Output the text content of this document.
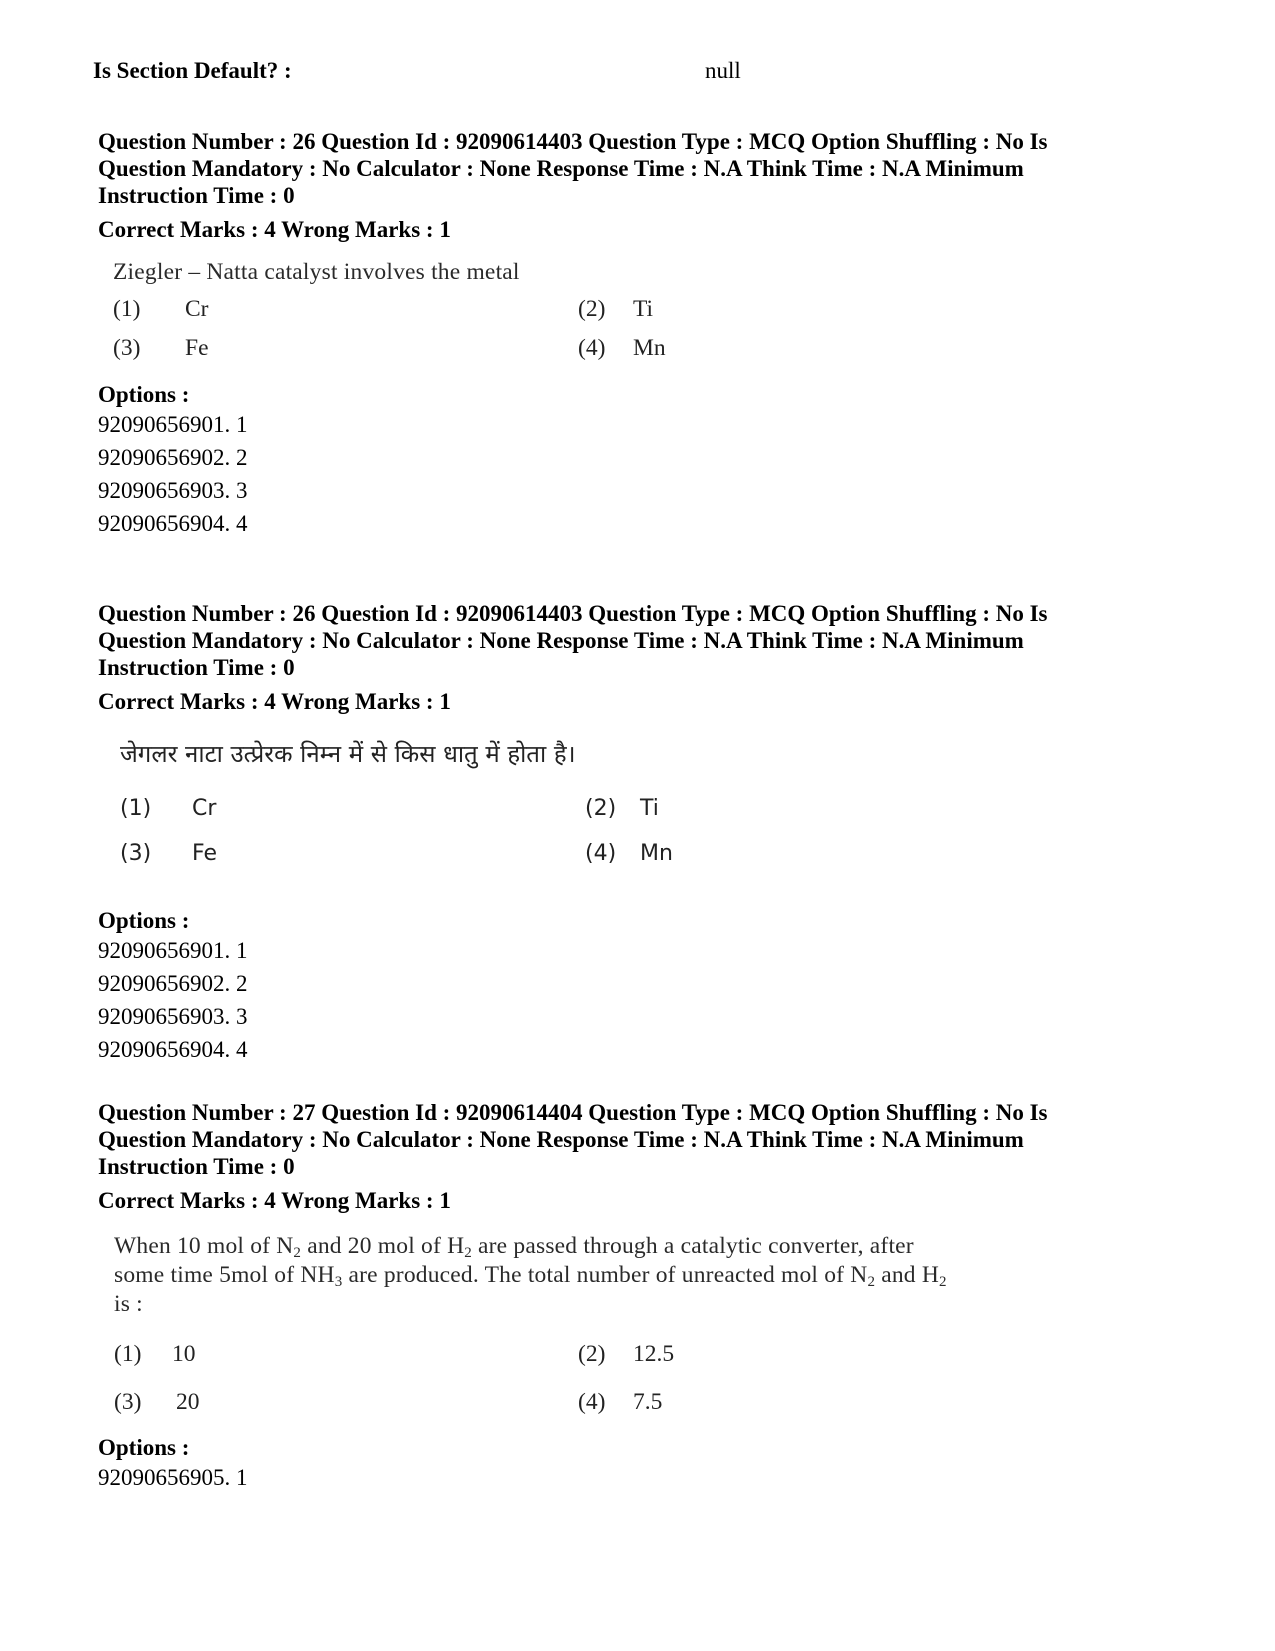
Is Section Default? :	null

Question Number : 26 Question Id : 92090614403 Question Type : MCQ Option Shuffling : No Is

Question Mandatory : No Calculator : None Response Time : N.A Think Time : N.A Minimum

Instruction Time : 0

Correct Marks : 4 Wrong Marks : 1

Ziegler – Natta catalyst involves the metal

(1) Cr	(2) Ti
(3) Fe	(4) Mn

Options :

92090656901. 1

92090656902. 2

92090656903. 3

92090656904. 4

Question Number : 26 Question Id : 92090614403 Question Type : MCQ Option Shuffling : No Is

Question Mandatory : No Calculator : None Response Time : N.A Think Time : N.A Minimum

Instruction Time : 0

Correct Marks : 4 Wrong Marks : 1

जेगलर नाटा उत्प्रेरक निम्न में से किस धातु में होता है।

(1) Cr	(2) Ti
(3) Fe	(4) Mn

Options :

92090656901. 1

92090656902. 2

92090656903. 3

92090656904. 4

Question Number : 27 Question Id : 92090614404 Question Type : MCQ Option Shuffling : No Is

Question Mandatory : No Calculator : None Response Time : N.A Think Time : N.A Minimum

Instruction Time : 0

Correct Marks : 4 Wrong Marks : 1

When 10 mol of $N_2$ and 20 mol of $H_2$ are passed through a catalytic converter, after
some time 5mol of $NH_3$ are produced. The total number of unreacted mol of $N_2$ and $H_2$
is :
(1) 10	(2) 12.5
(3) 20	(4) 7.5

Options :

92090656905. 1
